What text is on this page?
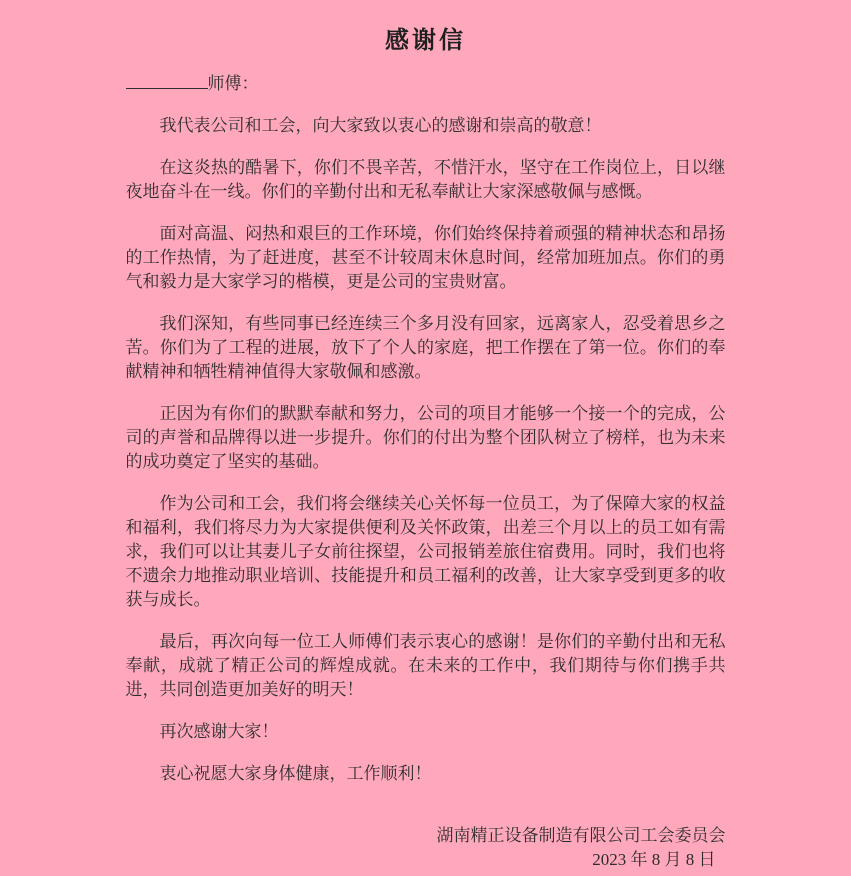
感谢信
师傅：

我代表公司和工会，向大家致以衷心的感谢和崇高的敬意！

在这炎热的酷暑下，你们不畏辛苦，不惜汗水，坚守在工作岗位上，日以继夜地奋斗在一线。你们的辛勤付出和无私奉献让大家深感敬佩与感慨。

面对高温、闷热和艰巨的工作环境，你们始终保持着顽强的精神状态和昂扬的工作热情，为了赶进度，甚至不计较周末休息时间，经常加班加点。你们的勇气和毅力是大家学习的楷模，更是公司的宝贵财富。

我们深知，有些同事已经连续三个多月没有回家，远离家人，忍受着思乡之苦。你们为了工程的进展，放下了个人的家庭，把工作摆在了第一位。你们的奉献精神和牺牲精神值得大家敬佩和感激。

正因为有你们的默默奉献和努力，公司的项目才能够一个接一个的完成，公司的声誉和品牌得以进一步提升。你们的付出为整个团队树立了榜样，也为未来的成功奠定了坚实的基础。

作为公司和工会，我们将会继续关心关怀每一位员工，为了保障大家的权益和福利，我们将尽力为大家提供便利及关怀政策，出差三个月以上的员工如有需求，我们可以让其妻儿子女前往探望，公司报销差旅住宿费用。同时，我们也将不遗余力地推动职业培训、技能提升和员工福利的改善，让大家享受到更多的收获与成长。

最后，再次向每一位工人师傅们表示衷心的感谢！是你们的辛勤付出和无私奉献，成就了精正公司的辉煌成就。在未来的工作中，我们期待与你们携手共进，共同创造更加美好的明天！

再次感谢大家！

衷心祝愿大家身体健康，工作顺利！

湖南精正设备制造有限公司工会委员会
2023 年 8 月 8 日
